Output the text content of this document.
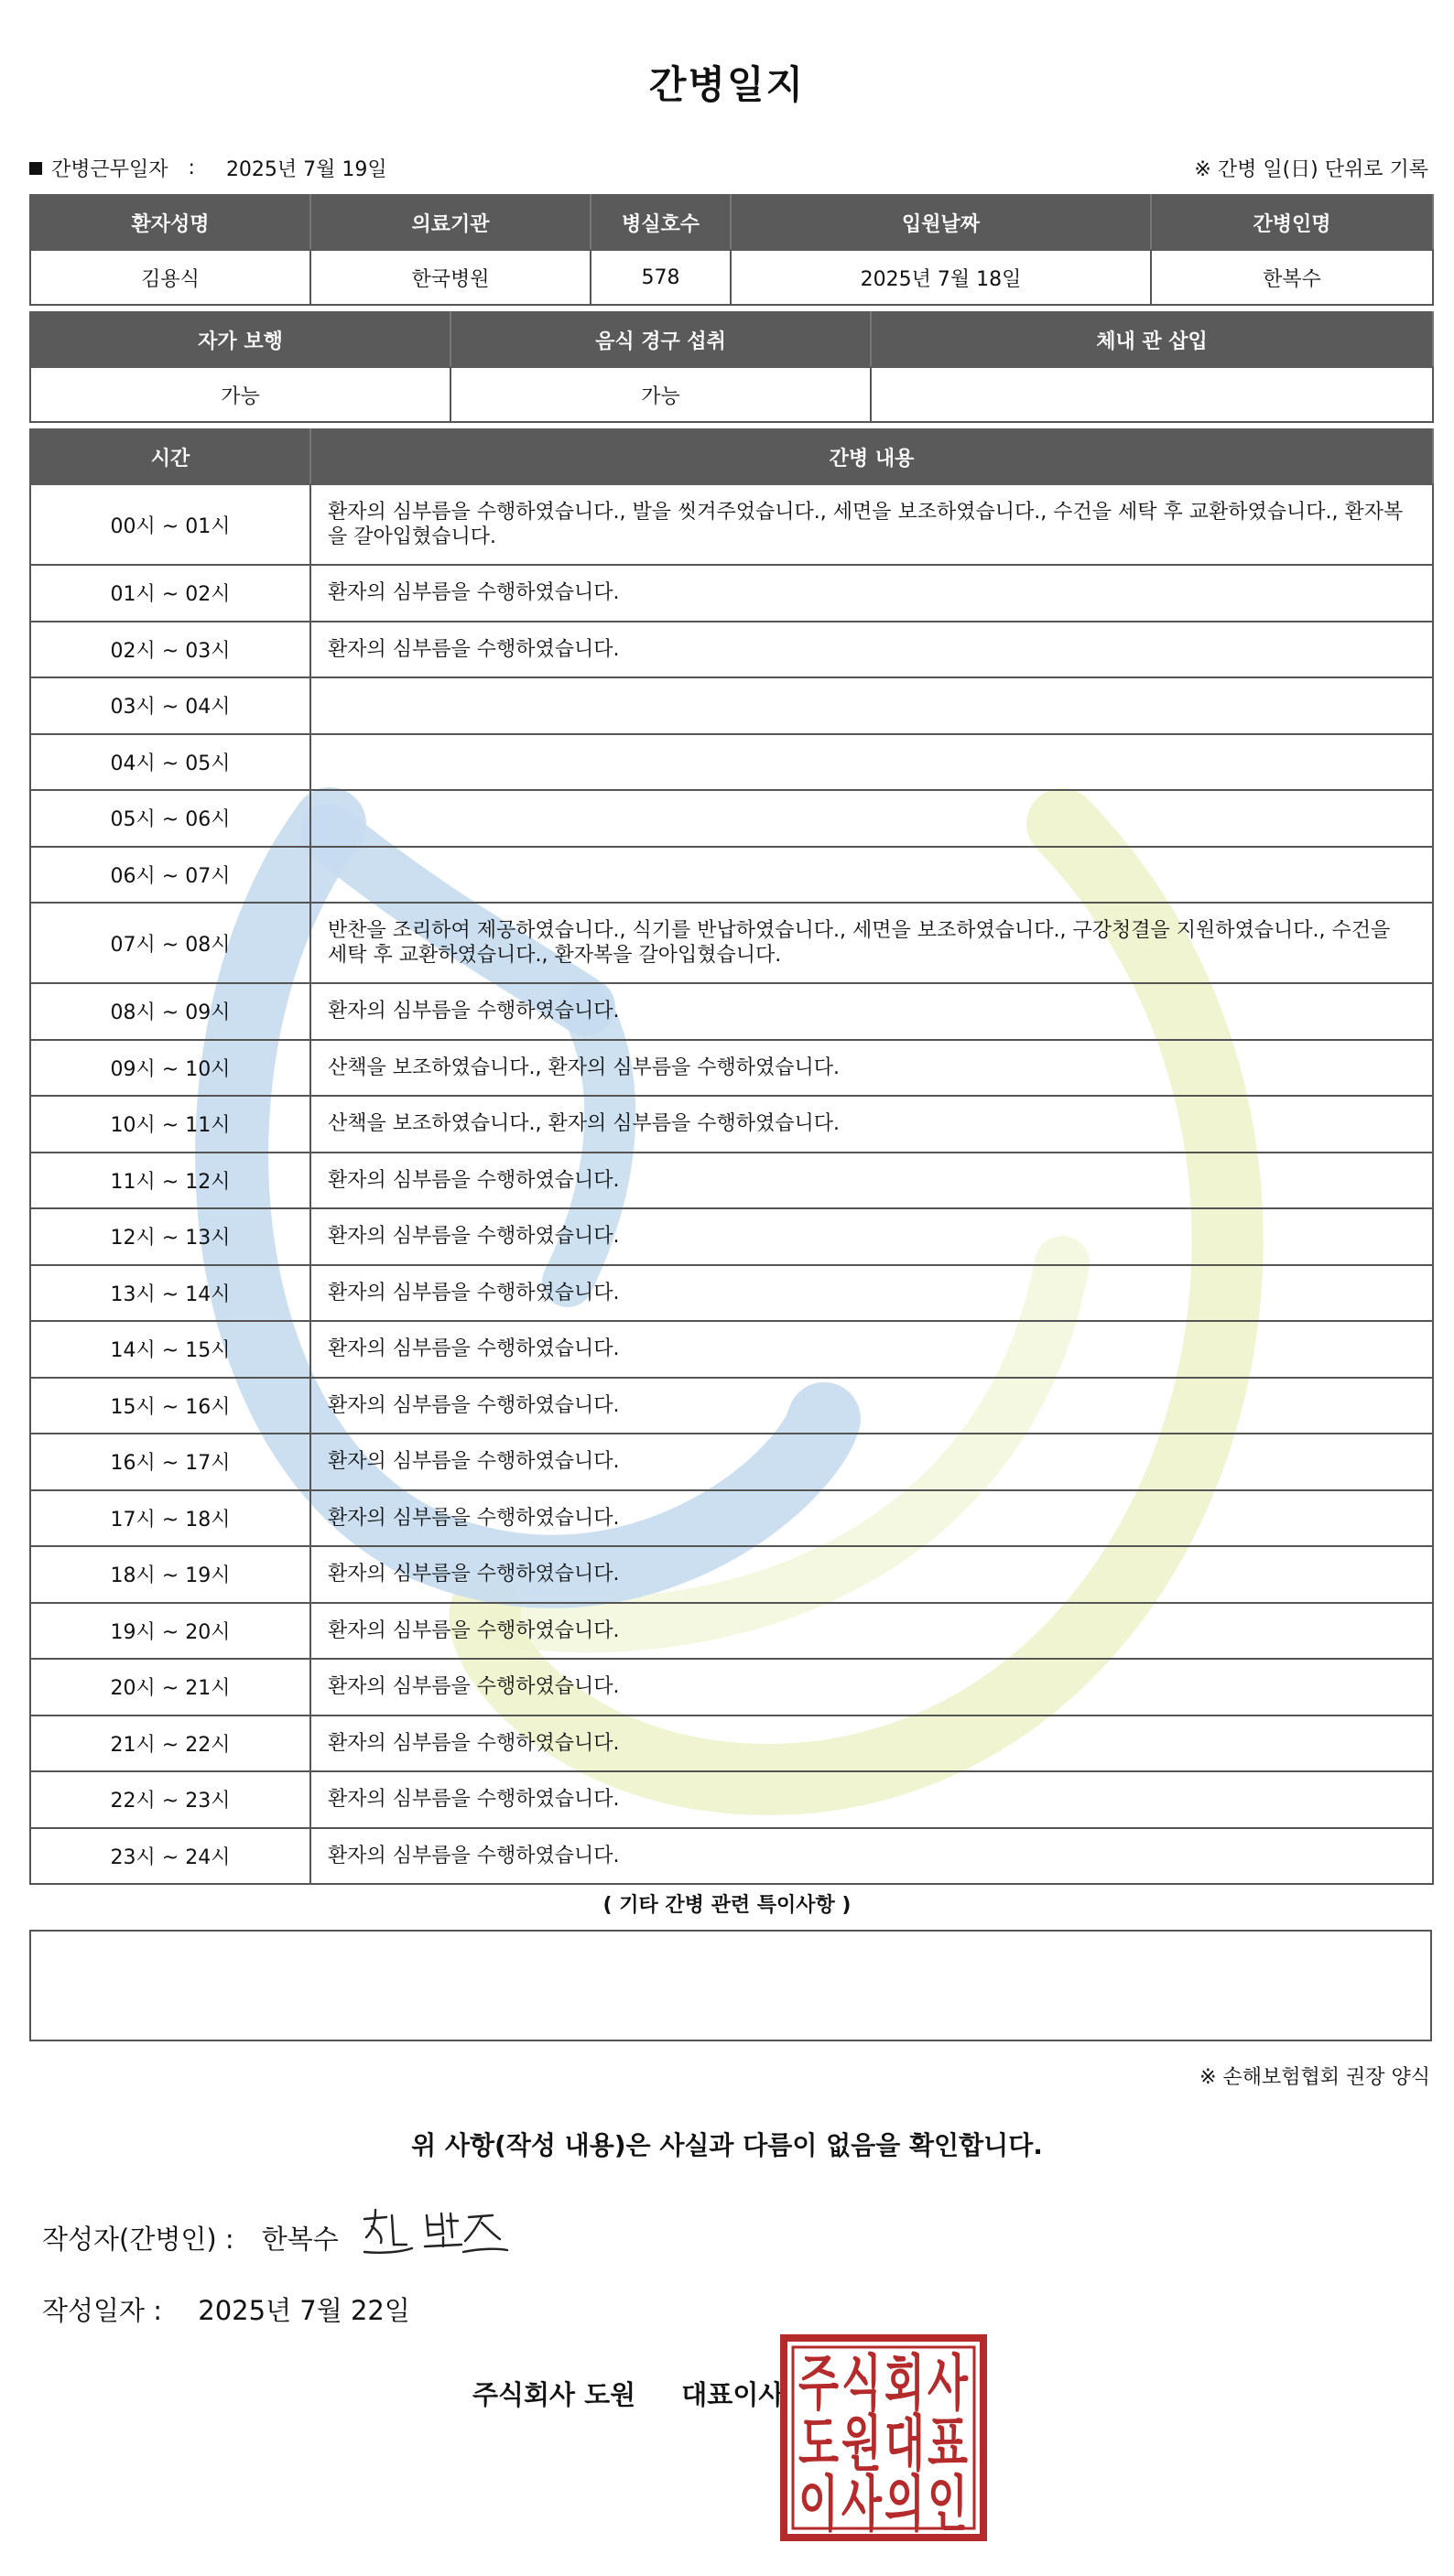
간병일지
간병근무일자 : 2025년 7월 19일	※ 간병 일(日) 단위로 기록
환자성명	의료기관	병실호수	입원날짜	간병인명
김용식	한국병원	578	2025년 7월 18일	한복수
자가 보행	음식 경구 섭취	체내 관 삽입
가능	가능	
시간	간병 내용
00시 ~ 01시	환자의 심부름을 수행하였습니다., 발을 씻겨주었습니다., 세면을 보조하였습니다., 수건을 세탁 후 교환하였습니다., 환자복을 갈아입혔습니다.
01시 ~ 02시	환자의 심부름을 수행하였습니다.
02시 ~ 03시	환자의 심부름을 수행하였습니다.
03시 ~ 04시	
04시 ~ 05시	
05시 ~ 06시	
06시 ~ 07시	
07시 ~ 08시	반찬을 조리하여 제공하였습니다., 식기를 반납하였습니다., 세면을 보조하였습니다., 구강청결을 지원하였습니다., 수건을 세탁 후 교환하였습니다., 환자복을 갈아입혔습니다.
08시 ~ 09시	환자의 심부름을 수행하였습니다.
09시 ~ 10시	산책을 보조하였습니다., 환자의 심부름을 수행하였습니다.
10시 ~ 11시	산책을 보조하였습니다., 환자의 심부름을 수행하였습니다.
11시 ~ 12시	환자의 심부름을 수행하였습니다.
12시 ~ 13시	환자의 심부름을 수행하였습니다.
13시 ~ 14시	환자의 심부름을 수행하였습니다.
14시 ~ 15시	환자의 심부름을 수행하였습니다.
15시 ~ 16시	환자의 심부름을 수행하였습니다.
16시 ~ 17시	환자의 심부름을 수행하였습니다.
17시 ~ 18시	환자의 심부름을 수행하였습니다.
18시 ~ 19시	환자의 심부름을 수행하였습니다.
19시 ~ 20시	환자의 심부름을 수행하였습니다.
20시 ~ 21시	환자의 심부름을 수행하였습니다.
21시 ~ 22시	환자의 심부름을 수행하였습니다.
22시 ~ 23시	환자의 심부름을 수행하였습니다.
23시 ~ 24시	환자의 심부름을 수행하였습니다.
( 기타 간병 관련 특이사항 )
※ 손해보험협회 권장 양식
위 사항(작성 내용)은 사실과 다름이 없음을 확인합니다.
작성자(간병인) : 한복수
작성일자 : 2025년 7월 22일
주식회사 도원 대표이사 주 식 회 사
도 원 대 표
이 사 의 인
